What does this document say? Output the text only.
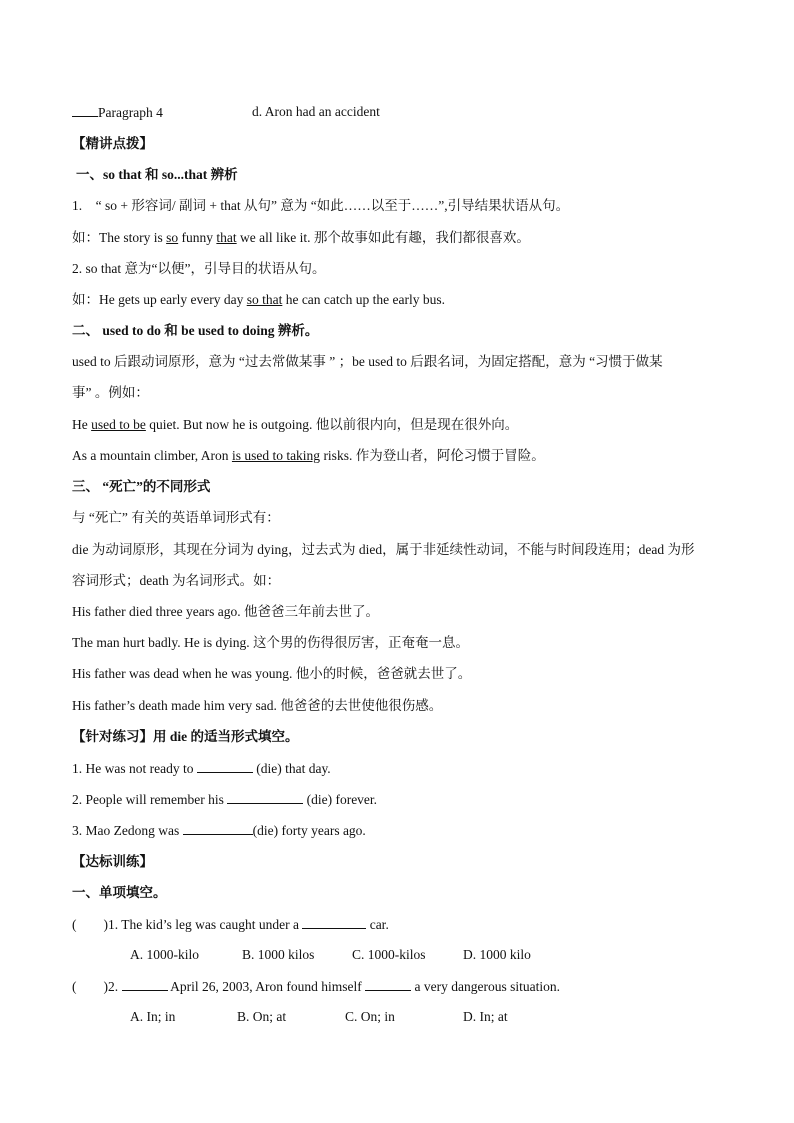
Paragraph 4	d. Aron had an accident
【精讲点拨】
一、so that 和 so...that 辨析
1.　“ so + 形容词/ 副词 + that 从句” 意为 “如此……以至于……”,引导结果状语从句。
如：The story is so funny that we all like it. 那个故事如此有趣，我们都很喜欢。
2. so that 意为“以便”，引导目的状语从句。
如：He gets up early every day so that he can catch up the early bus.
二、 used to do 和 be used to doing 辨析。
used to 后跟动词原形，意为 “过去常做某事 ” ；be used to 后跟名词，为固定搭配，意为 “习惯于做某
事” 。例如：
He used to be quiet. But now he is outgoing. 他以前很内向，但是现在很外向。
As a mountain climber, Aron is used to taking risks. 作为登山者，阿伦习惯于冒险。
三、 “死亡”的不同形式
与 “死亡” 有关的英语单词形式有：
die 为动词原形，其现在分词为 dying，过去式为 died，属于非延续性动词，不能与时间段连用；dead 为形
容词形式；death 为名词形式。如：
His father died three years ago. 他爸爸三年前去世了。
The man hurt badly. He is dying. 这个男的伤得很厉害，正奄奄一息。
His father was dead when he was young. 他小的时候，爸爸就去世了。
His father’s death made him very sad. 他爸爸的去世使他很伤感。
【针对练习】用 die 的适当形式填空。
1. He was not ready to	(die) that day.
2. People will remember his	(die) forever.
3. Mao Zedong was	(die) forty years ago.
【达标训练】
一、单项填空。
(　　)1. The kid’s leg was caught under a	car.
A. 1000-kilo	B. 1000 kilos	C. 1000-kilos	D. 1000 kilo
(　　)2.	April 26, 2003, Aron found himself	a very dangerous situation.
A. In; in	B. On; at	C. On; in	D. In; at
